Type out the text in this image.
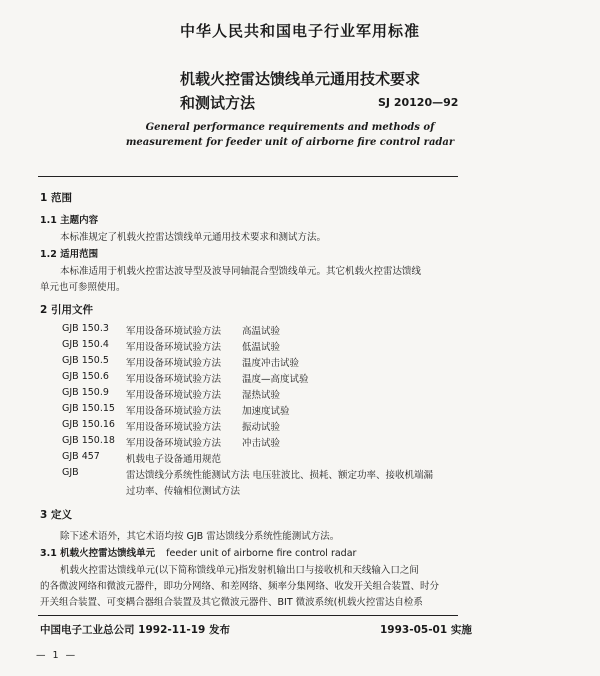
中华人民共和国电子行业军用标准
机载火控雷达馈线单元通用技术要求
和测试方法	SJ 20120—92
General performance requirements and methods of
measurement for feeder unit of airborne fire control radar
1 范围
1.1 主题内容
本标准规定了机载火控雷达馈线单元通用技术要求和测试方法。
1.2 适用范围
本标准适用于机载火控雷达波导型及波导同轴混合型馈线单元。其它机载火控雷达馈线
单元也可参照使用。
2 引用文件
GJB 150.3 军用设备环境试验方法 高温试验
GJB 150.4 军用设备环境试验方法 低温试验
GJB 150.5 军用设备环境试验方法 温度冲击试验
GJB 150.6 军用设备环境试验方法 温度—高度试验
GJB 150.9 军用设备环境试验方法 湿热试验
GJB 150.15 军用设备环境试验方法 加速度试验
GJB 150.16 军用设备环境试验方法 振动试验
GJB 150.18 军用设备环境试验方法 冲击试验
GJB 457	机载电子设备通用规范
GJB	雷达馈线分系统性能测试方法 电压驻波比、损耗、额定功率、接收机端漏
过功率、传输相位测试方法
3 定义
除下述术语外，其它术语均按 GJB 雷达馈线分系统性能测试方法。
3.1 机载火控雷达馈线单元 feeder unit of airborne fire control radar
机载火控雷达馈线单元(以下简称馈线单元)指发射机输出口与接收机和天线输入口之间
的各微波网络和微波元器件，即功分网络、和差网络、频率分集网络、收发开关组合装置、时分
开关组合装置、可变耦合器组合装置及其它微波元器件、BIT 微波系统(机载火控雷达自检系
中国电子工业总公司 1992-11-19 发布	1993-05-01 实施
— 1 —
